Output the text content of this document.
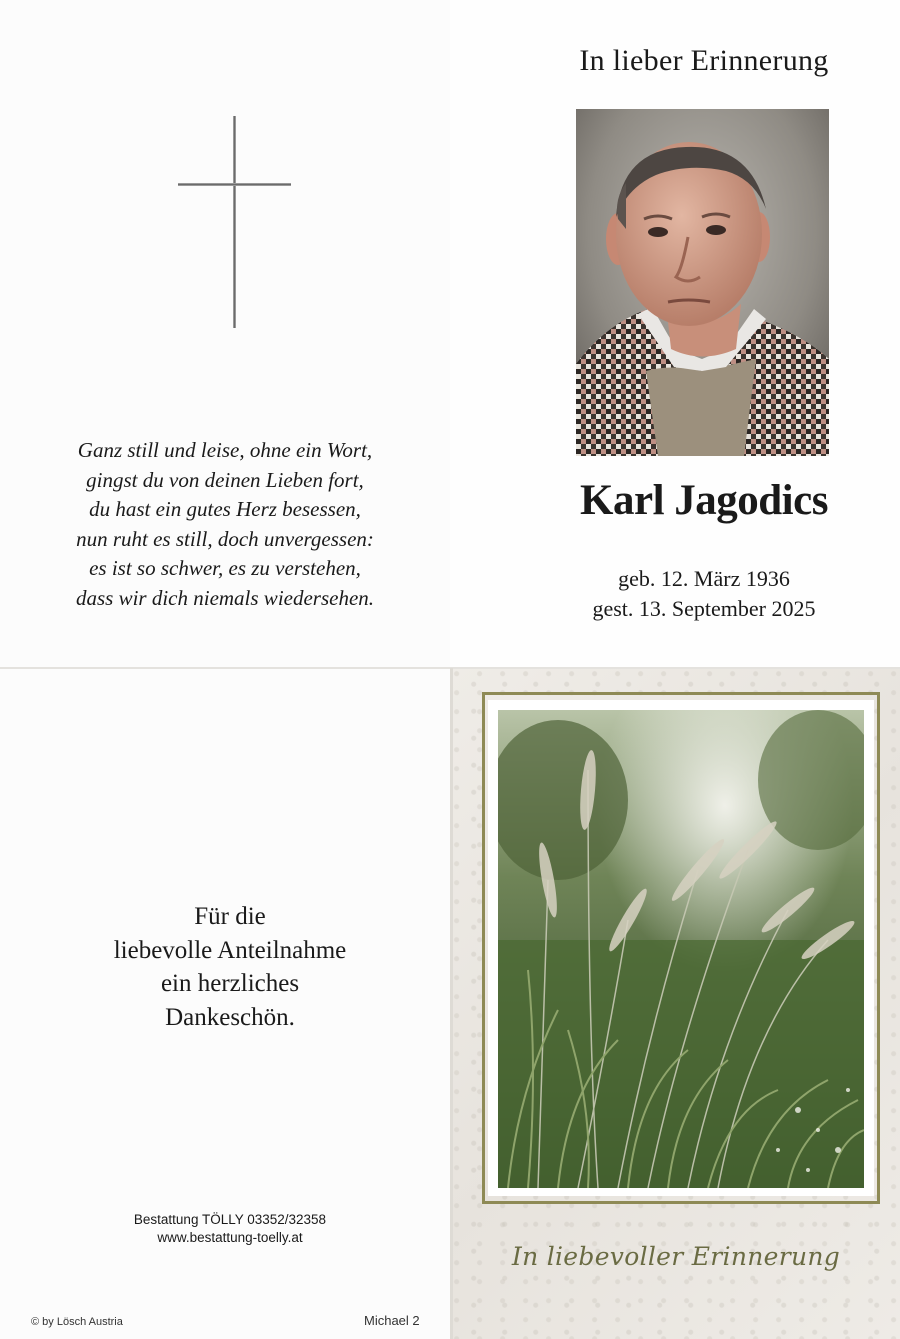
Ganz still und leise, ohne ein Wort,
gingst du von deinen Lieben fort,
du hast ein gutes Herz besessen,
nun ruht es still, doch unvergessen:
es ist so schwer, es zu verstehen,
dass wir dich niemals wiedersehen.
In lieber Erinnerung
Karl Jagodics
geb. 12. März 1936
gest. 13. September 2025
Für die
liebevolle Anteilnahme
ein herzliches
Dankeschön.
Bestattung TÖLLY 03352/32358
www.bestattung-toelly.at
© by Lösch Austria	Michael 2
In liebevoller Erinnerung
